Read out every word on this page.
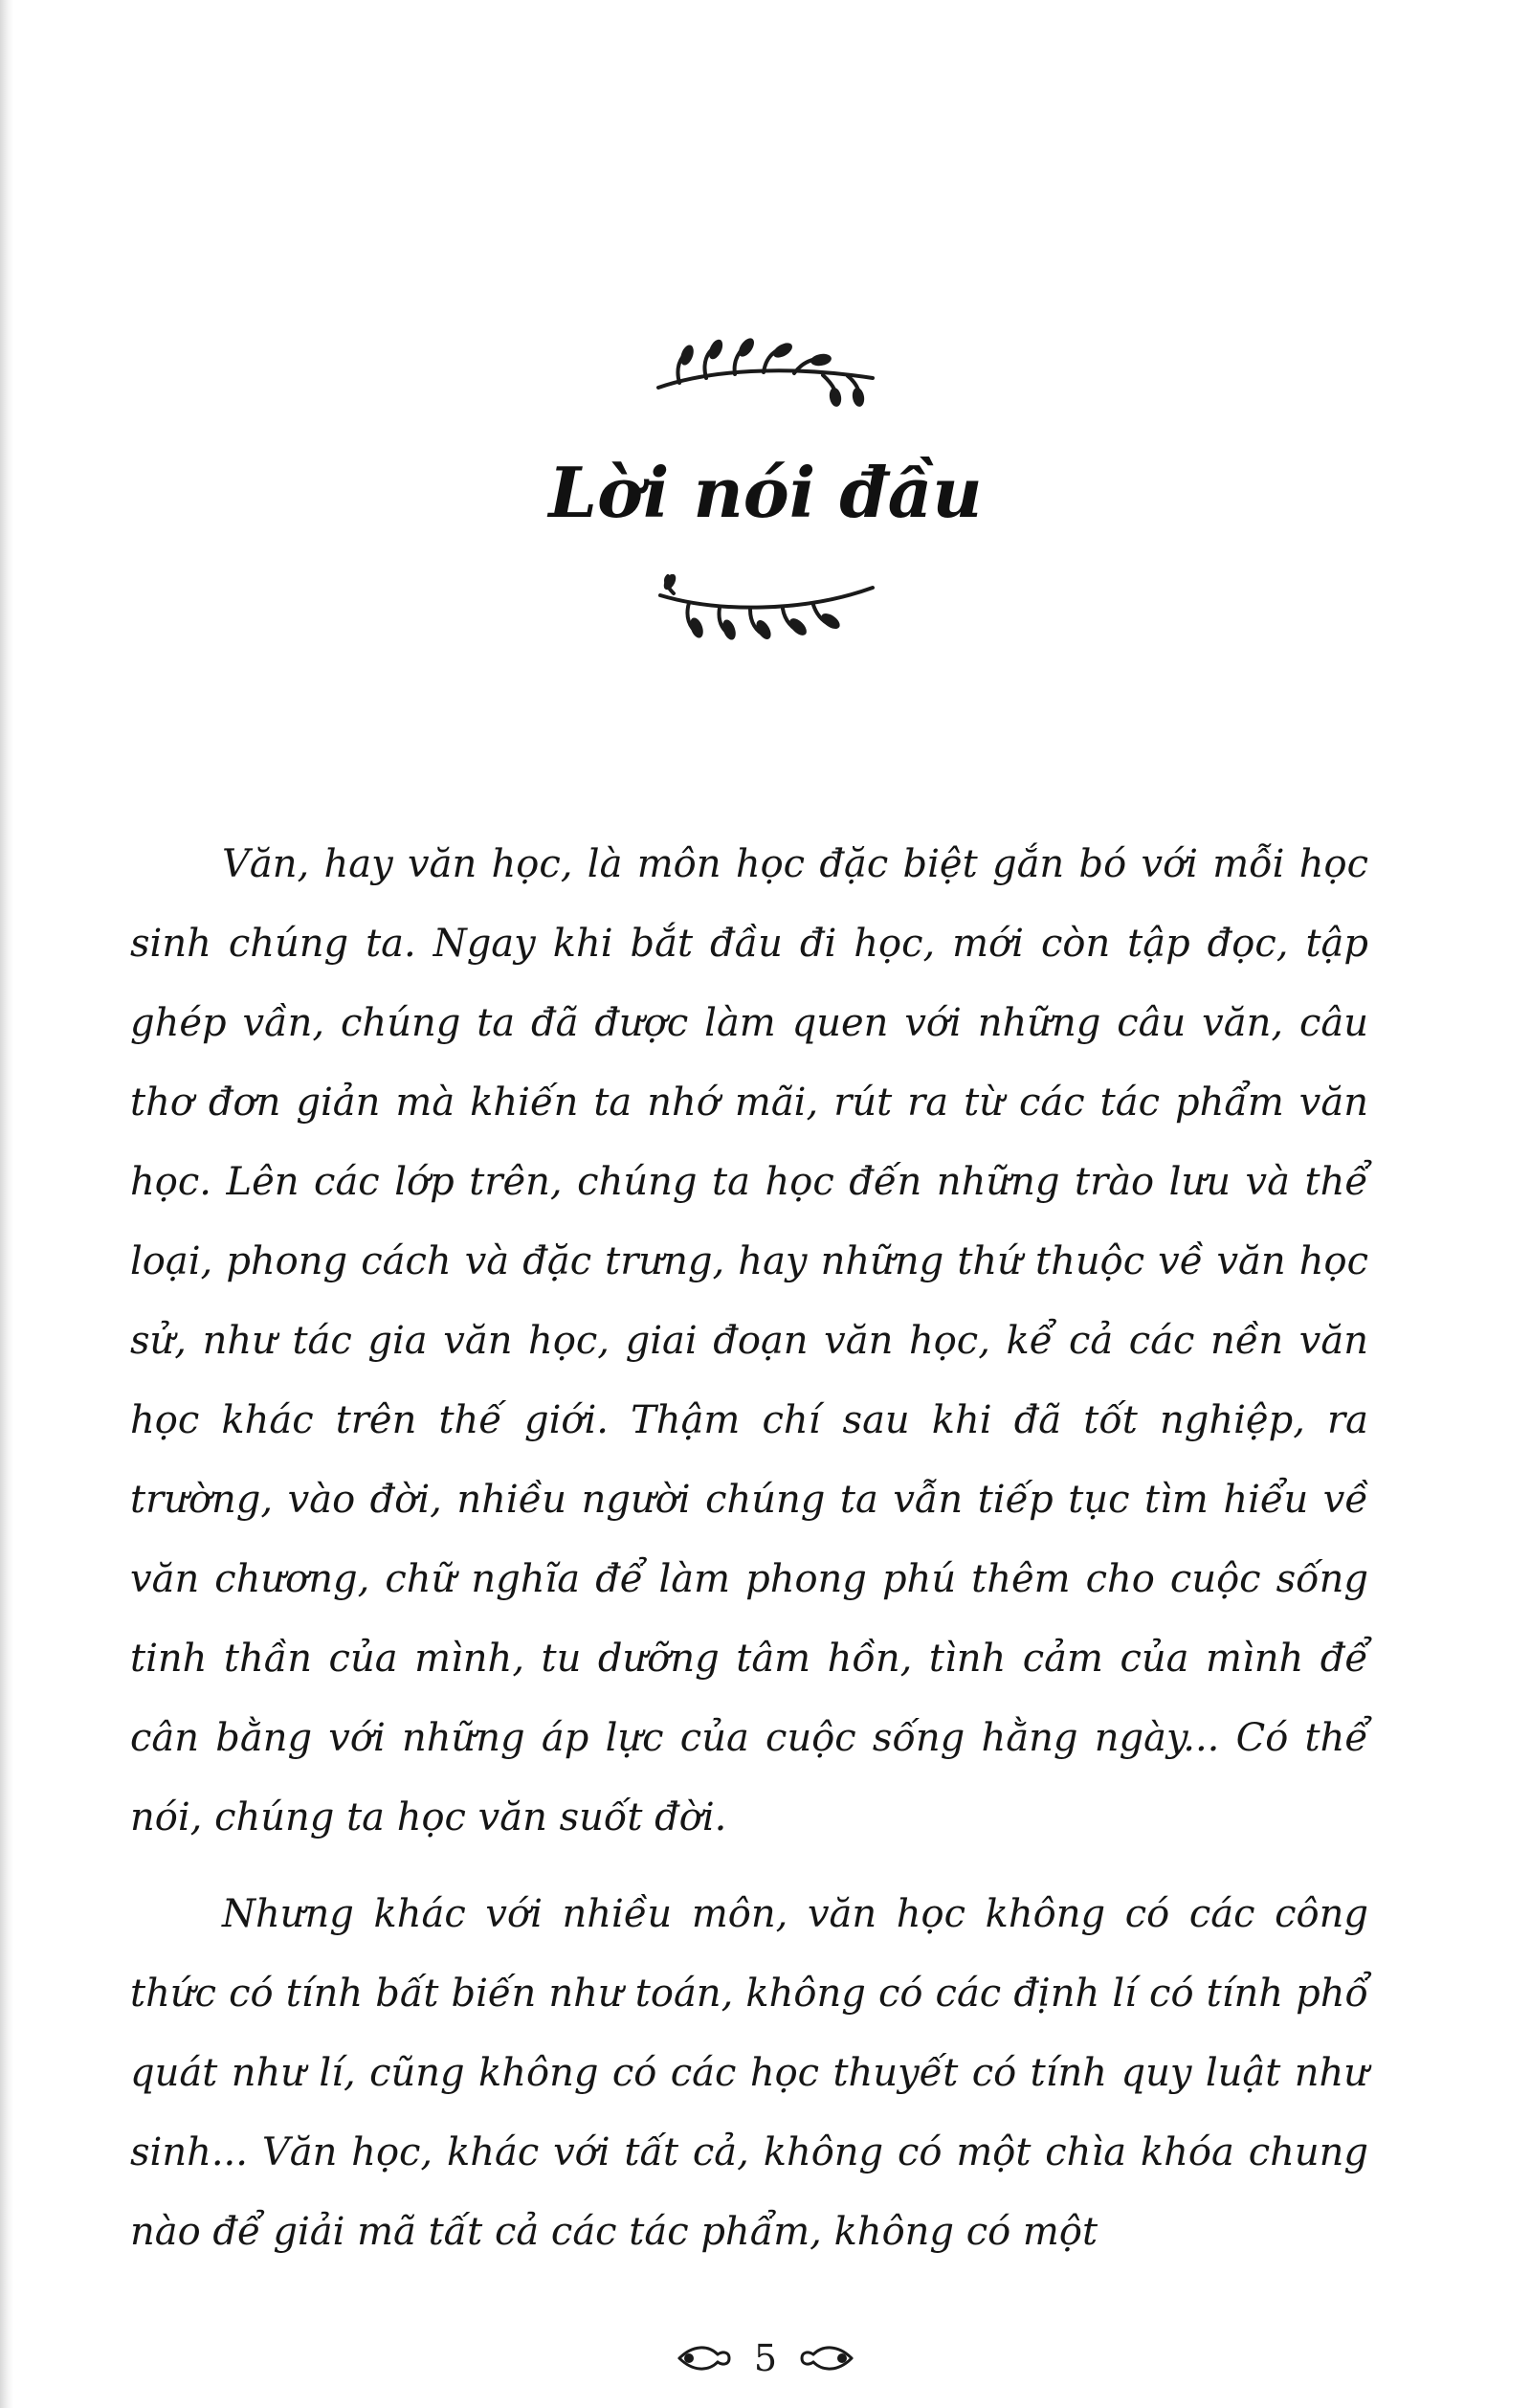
Lời nói đầu

Văn, hay văn học, là môn học đặc biệt gắn bó với mỗi học sinh chúng ta. Ngay khi bắt đầu đi học, mới còn tập đọc, tập ghép vần, chúng ta đã được làm quen với những câu văn, câu thơ đơn giản mà khiến ta nhớ mãi, rút ra từ các tác phẩm văn học. Lên các lớp trên, chúng ta học đến những trào lưu và thể loại, phong cách và đặc trưng, hay những thứ thuộc về văn học sử, như tác gia văn học, giai đoạn văn học, kể cả các nền văn học khác trên thế giới. Thậm chí sau khi đã tốt nghiệp, ra trường, vào đời, nhiều người chúng ta vẫn tiếp tục tìm hiểu về văn chương, chữ nghĩa để làm phong phú thêm cho cuộc sống tinh thần của mình, tu dưỡng tâm hồn, tình cảm của mình để cân bằng với những áp lực của cuộc sống hằng ngày... Có thể nói, chúng ta học văn suốt đời.

Nhưng khác với nhiều môn, văn học không có các công thức có tính bất biến như toán, không có các định lí có tính phổ quát như lí, cũng không có các học thuyết có tính quy luật như sinh... Văn học, khác với tất cả, không có một chìa khóa chung nào để giải mã tất cả các tác phẩm, không có một

5
